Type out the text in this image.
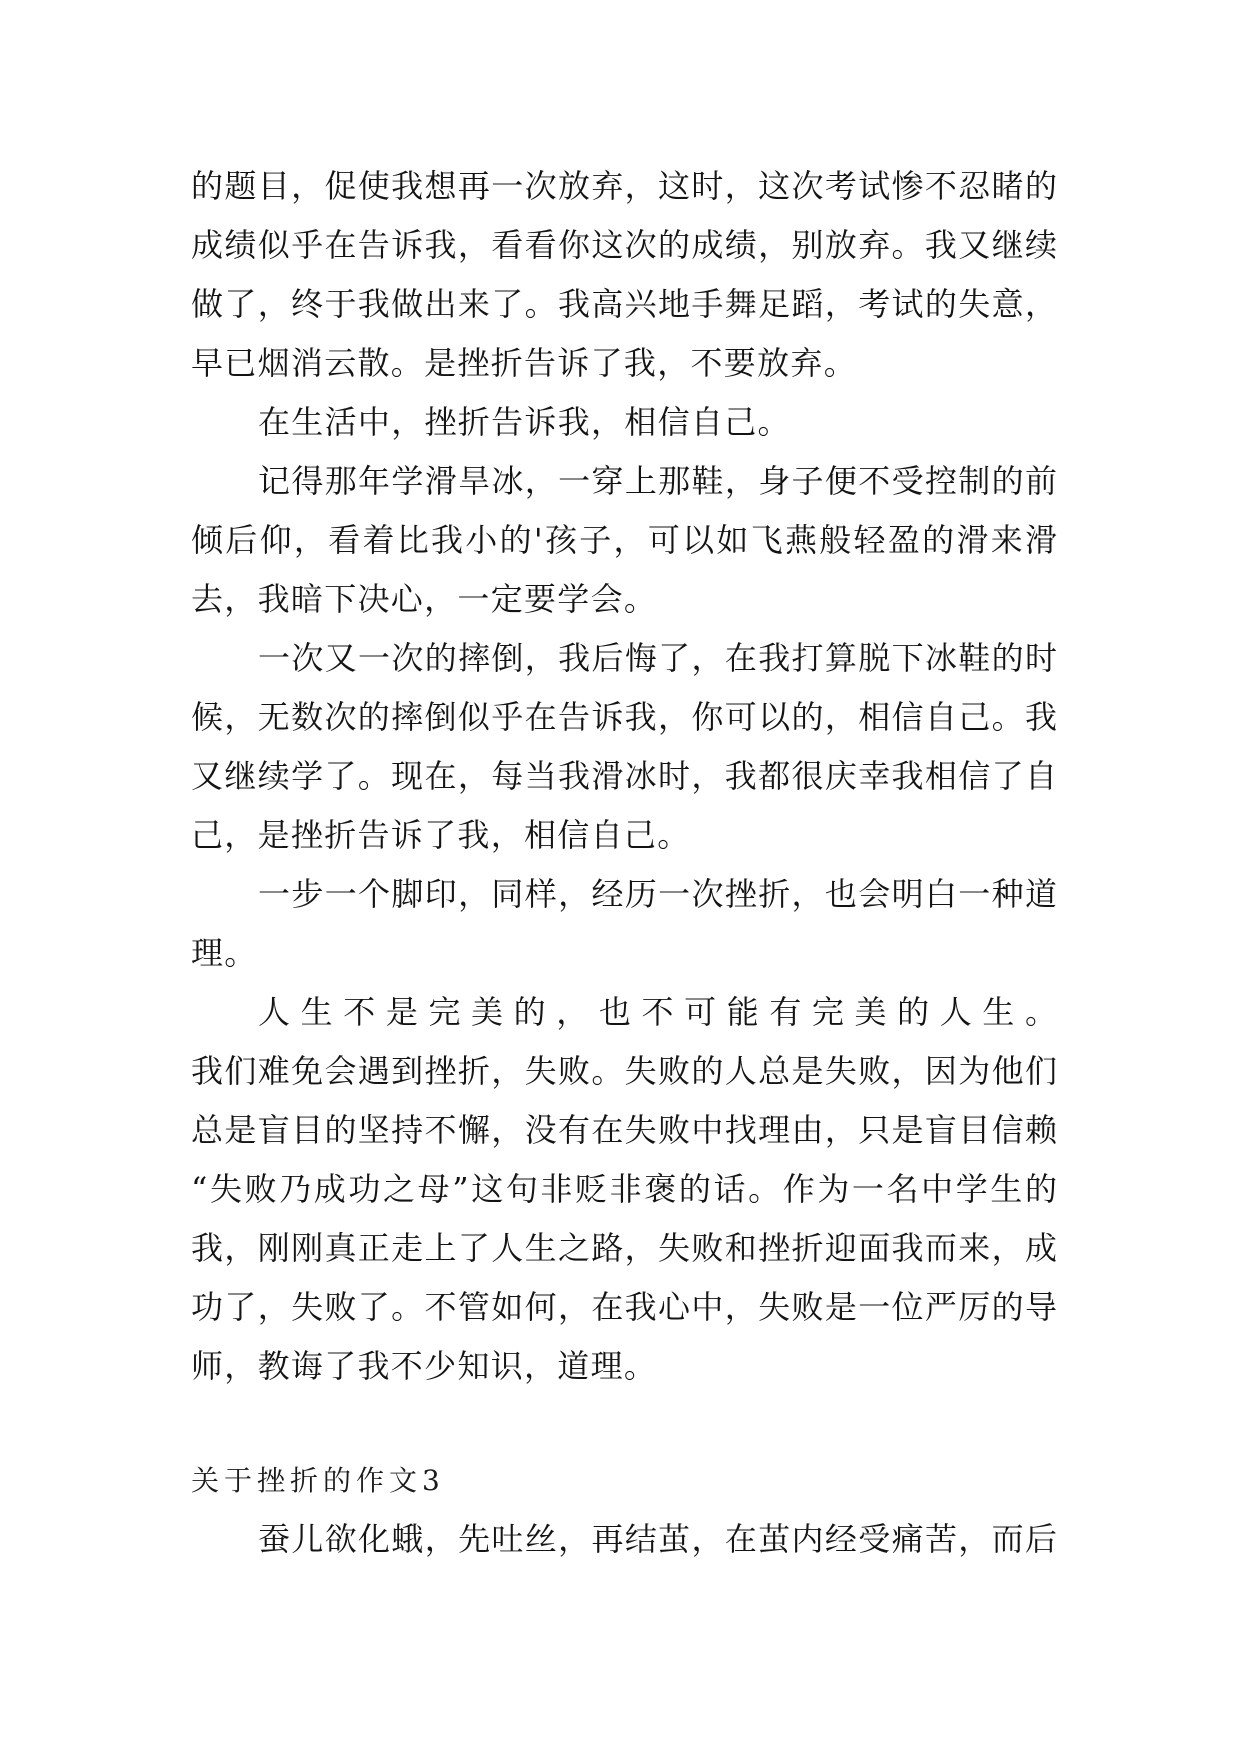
的题目，促使我想再一次放弃，这时，这次考试惨不忍睹的
成绩似乎在告诉我，看看你这次的成绩，别放弃。我又继续
做了，终于我做出来了。我高兴地手舞足蹈，考试的失意，
早已烟消云散。是挫折告诉了我，不要放弃。
在生活中，挫折告诉我，相信自己。
记得那年学滑旱冰，一穿上那鞋，身子便不受控制的前
倾后仰，看着比我小的'孩子，可以如飞燕般轻盈的滑来滑
去，我暗下决心，一定要学会。
一次又一次的摔倒，我后悔了，在我打算脱下冰鞋的时
候，无数次的摔倒似乎在告诉我，你可以的，相信自己。我
又继续学了。现在，每当我滑冰时，我都很庆幸我相信了自
己，是挫折告诉了我，相信自己。
一步一个脚印，同样，经历一次挫折，也会明白一种道
理。
人生不是完美的，也不可能有完美的人生。
我们难免会遇到挫折，失败。失败的人总是失败，因为他们
总是盲目的坚持不懈，没有在失败中找理由，只是盲目信赖
“失败乃成功之母”这句非贬非褒的话。作为一名中学生的
我，刚刚真正走上了人生之路，失败和挫折迎面我而来，成
功了，失败了。不管如何，在我心中，失败是一位严厉的导
师，教诲了我不少知识，道理。
关于挫折的作文3
蚕儿欲化蛾，先吐丝，再结茧，在茧内经受痛苦，而后
